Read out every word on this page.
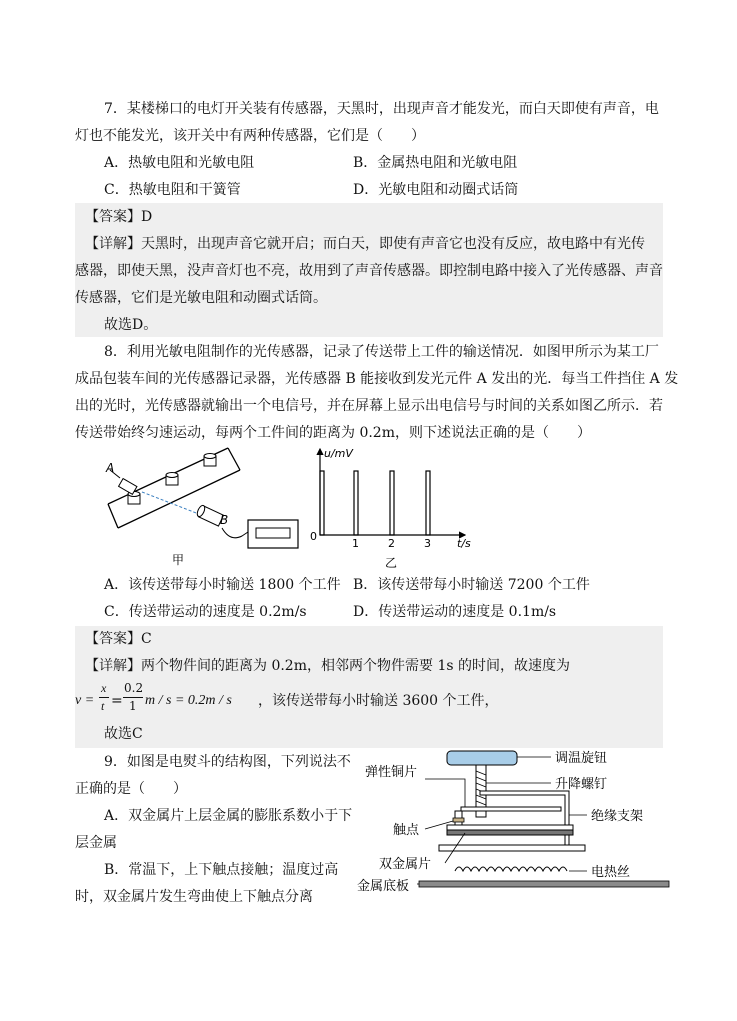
7．某楼梯口的电灯开关装有传感器，天黑时，出现声音才能发光，而白天即使有声音，电
灯也不能发光，该开关中有两种传感器，它们是（　　）
A．热敏电阻和光敏电阻	B．金属热电阻和光敏电阻
C．热敏电阻和干簧管	D．光敏电阻和动圈式话筒
【答案】D
【详解】天黑时，出现声音它就开启；而白天，即使有声音它也没有反应，故电路中有光传
感器，即使天黑，没声音灯也不亮，故用到了声音传感器。即控制电路中接入了光传感器、声音
传感器，它们是光敏电阻和动圈式话筒。
故选D。
8．利用光敏电阻制作的光传感器，记录了传送带上工件的输送情况．如图甲所示为某工厂
成品包装车间的光传感器记录器，光传感器 B 能接收到发光元件 A 发出的光．每当工件挡住 A 发
出的光时，光传感器就输出一个电信号，并在屏幕上显示出电信号与时间的关系如图乙所示．若
传送带始终匀速运动，每两个工件间的距离为 0.2m，则下述说法正确的是（　　）
A
B
甲
u/mV
t/s
0
1	2	3
乙
A．该传送带每小时输送 1800 个工件 B．该传送带每小时输送 7200 个工件
C．传送带运动的速度是 0.2m/s	D．传送带运动的速度是 0.1m/s
【答案】C
【详解】两个物件间的距离为 0.2m，相邻两个物件需要 1s 的时间，故速度为
v =
x
t =
0.2
1 m / s = 0.2m / s ，该传送带每小时输送 3600 个工件，
故选C
9．如图是电熨斗的结构图，下列说法不
正确的是（　　）
A．双金属片上层金属的膨胀系数小于下
层金属
B．常温下，上下触点接触；温度过高
时，双金属片发生弯曲使上下触点分离
调温旋钮
弹性铜片
升降螺钉
绝缘支架
触点
双金属片
电热丝
金属底板
